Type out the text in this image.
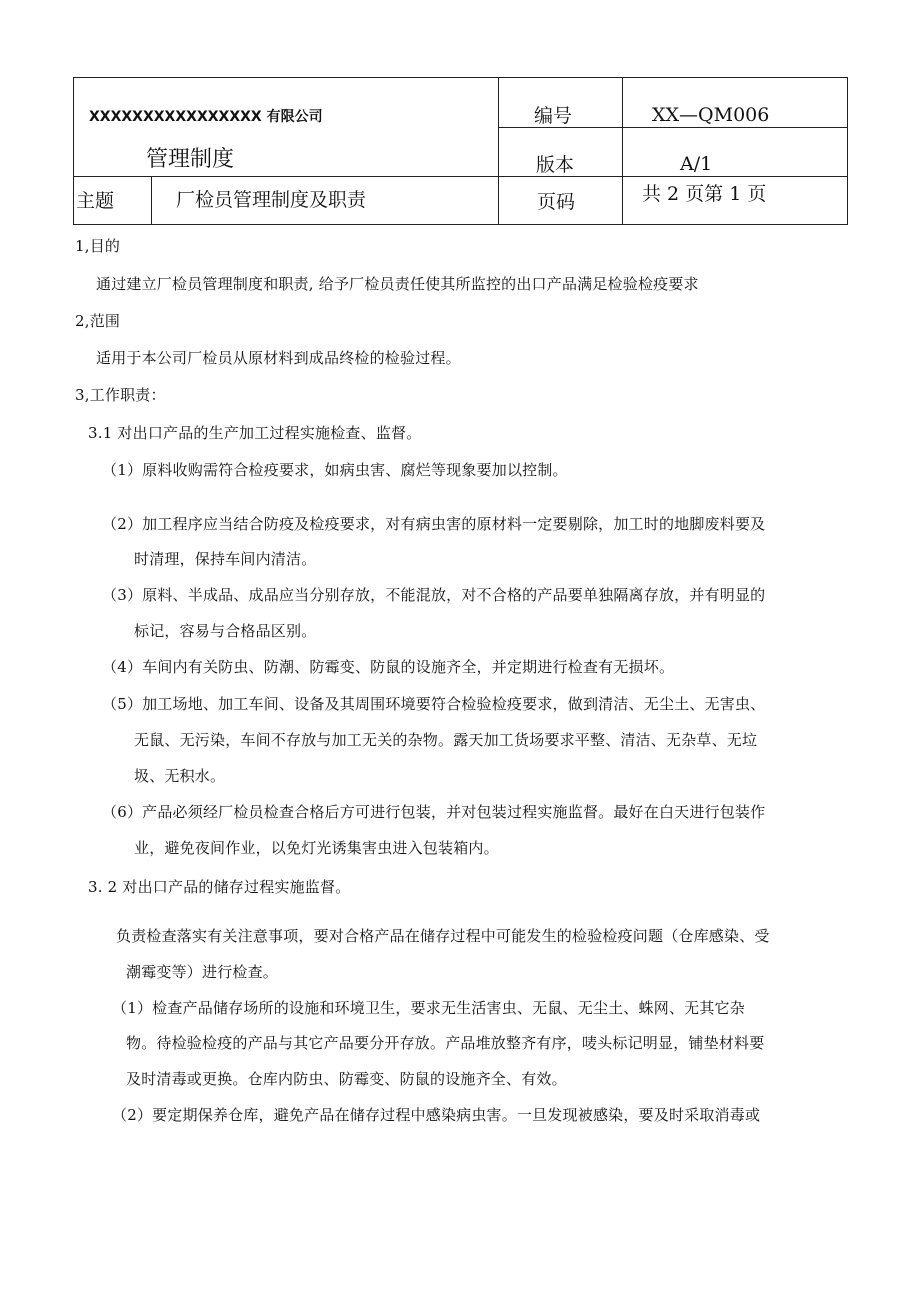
XXXXXXXXXXXXXXXX 有限公司
管理制度
编号	XX—QM006
版本	A/1
主题	厂检员管理制度及职责	页码	共 2 页第 1 页
1,目的
通过建立厂检员管理制度和职责, 给予厂检员责任使其所监控的出口产品满足检验检疫要求
2,范围
适用于本公司厂检员从原材料到成品终检的检验过程。
3,工作职责：
3.1 对出口产品的生产加工过程实施检查、监督。
（1）原料收购需符合检疫要求，如病虫害、腐烂等现象要加以控制。
（2）加工程序应当结合防疫及检疫要求，对有病虫害的原材料一定要剔除，加工时的地脚废料要及
时清理，保持车间内清洁。
（3）原料、半成品、成品应当分别存放，不能混放，对不合格的产品要单独隔离存放，并有明显的
标记，容易与合格品区别。
（4）车间内有关防虫、防潮、防霉变、防鼠的设施齐全，并定期进行检查有无损坏。
（5）加工场地、加工车间、设备及其周围环境要符合检验检疫要求，做到清洁、无尘土、无害虫、
无鼠、无污染，车间不存放与加工无关的杂物。露天加工货场要求平整、清洁、无杂草、无垃
圾、无积水。
（6）产品必须经厂检员检查合格后方可进行包装，并对包装过程实施监督。最好在白天进行包装作
业，避免夜间作业，以免灯光诱集害虫进入包装箱内。
3. 2 对出口产品的储存过程实施监督。
负责检查落实有关注意事项，要对合格产品在储存过程中可能发生的检验检疫问题（仓库感染、受
潮霉变等）进行检查。
（1）检查产品储存场所的设施和环境卫生，要求无生活害虫、无鼠、无尘土、蛛网、无其它杂
物。待检验检疫的产品与其它产品要分开存放。产品堆放整齐有序，唛头标记明显，铺垫材料要
及时清毒或更换。仓库内防虫、防霉变、防鼠的设施齐全、有效。
（2）要定期保养仓库，避免产品在储存过程中感染病虫害。一旦发现被感染，要及时采取消毒或
